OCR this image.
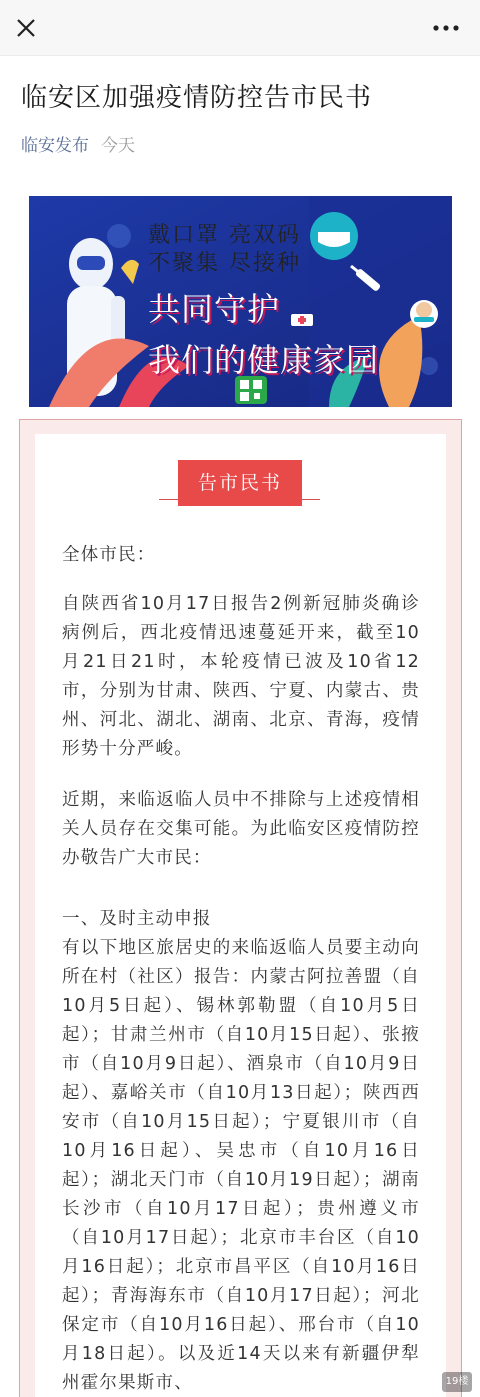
临安区加强疫情防控告市民书
临安发布 今天
戴口罩 亮双码
不聚集 尽接种
共同守护
我们的健康家园
告市民书

全体市民：

自陕西省10月17日报告2例新冠肺炎确诊病例后，西北疫情迅速蔓延开来，截至10月21日21时，本轮疫情已波及10省12市，分别为甘肃、陕西、宁夏、内蒙古、贵州、河北、湖北、湖南、北京、青海，疫情形势十分严峻。

近期，来临返临人员中不排除与上述疫情相关人员存在交集可能。为此临安区疫情防控办敬告广大市民：

一、及时主动申报

有以下地区旅居史的来临返临人员要主动向所在村（社区）报告：内蒙古阿拉善盟（自10月5日起）、锡林郭勒盟（自10月5日起）；甘肃兰州市（自10月15日起）、张掖市（自10月9日起）、酒泉市（自10月9日起）、嘉峪关市（自10月13日起）；陕西西安市（自10月15日起）；宁夏银川市（自10月16日起）、吴忠市（自10月16日起）；湖北天门市（自10月19日起）；湖南长沙市（自10月17日起）；贵州遵义市（自10月17日起）；北京市丰台区（自10月16日起）；北京市昌平区（自10月16日起）；青海海东市（自10月17日起）；河北保定市（自10月16日起）、邢台市（自10月18日起）。以及近14天以来有新疆伊犁州霍尔果斯市、	19楼
